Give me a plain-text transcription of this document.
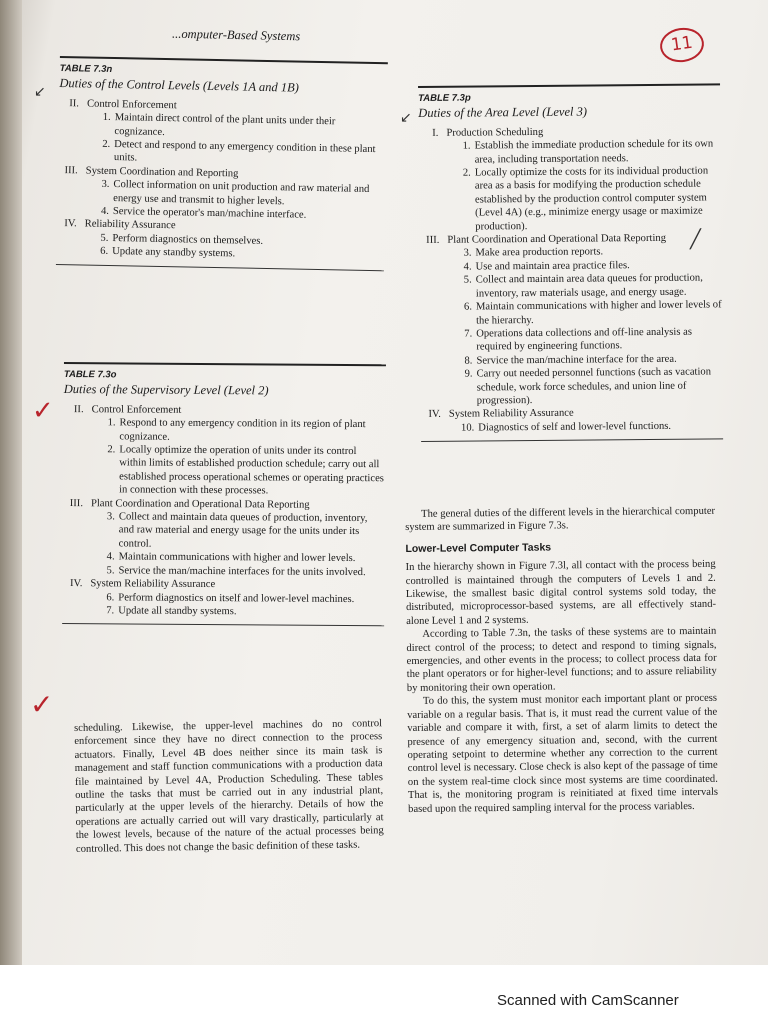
...omputer-Based Systems	11
TABLE 7.3n
Duties of the Control Levels (Levels 1A and 1B)
II. Control Enforcement
1. Maintain direct control of the plant units under their cognizance.
2. Detect and respond to any emergency condition in these plant units.
III. System Coordination and Reporting
3. Collect information on unit production and raw material and energy use and transmit to higher levels.
4. Service the operator's man/machine interface.
IV. Reliability Assurance
5. Perform diagnostics on themselves.
6. Update any standby systems.
TABLE 7.3o
Duties of the Supervisory Level (Level 2)
II. Control Enforcement
1. Respond to any emergency condition in its region of plant cognizance.
2. Locally optimize the operation of units under its control within limits of established production schedule; carry out all established process operational schemes or operating practices in connection with these processes.
III. Plant Coordination and Operational Data Reporting
3. Collect and maintain data queues of production, inventory, and raw material and energy usage for the units under its control.
4. Maintain communications with higher and lower levels.
5. Service the man/machine interfaces for the units involved.
IV. System Reliability Assurance
6. Perform diagnostics on itself and lower-level machines.
7. Update all standby systems.

scheduling. Likewise, the upper-level machines do no control enforcement since they have no direct connection to the process actuators. Finally, Level 4B does neither since its main task is management and staff function communications with a production data file maintained by Level 4A, Production Scheduling. These tables outline the tasks that must be carried out in any industrial plant, particularly at the upper levels of the hierarchy. Details of how the operations are actually carried out will vary drastically, particularly at the lowest levels, because of the nature of the actual processes being controlled. This does not change the basic definition of these tasks.

TABLE 7.3p
Duties of the Area Level (Level 3)
I. Production Scheduling
1. Establish the immediate production schedule for its own area, including transportation needs.
2. Locally optimize the costs for its individual production area as a basis for modifying the production schedule established by the production control computer system (Level 4A) (e.g., minimize energy usage or maximize production).
III. Plant Coordination and Operational Data Reporting
3. Make area production reports.
4. Use and maintain area practice files.
5. Collect and maintain area data queues for production, inventory, raw materials usage, and energy usage.
6. Maintain communications with higher and lower levels of the hierarchy.
7. Operations data collections and off-line analysis as required by engineering functions.
8. Service the man/machine interface for the area.
9. Carry out needed personnel functions (such as vacation schedule, work force schedules, and union line of progression).
IV. System Reliability Assurance
10. Diagnostics of self and lower-level functions.

The general duties of the different levels in the hierarchical computer system are summarized in Figure 7.3s.

Lower-Level Computer Tasks

In the hierarchy shown in Figure 7.3l, all contact with the process being controlled is maintained through the computers of Levels 1 and 2. Likewise, the smallest basic digital control systems sold today, the distributed, microprocessor-based systems, are all effectively stand-alone Level 1 and 2 systems.

According to Table 7.3n, the tasks of these systems are to maintain direct control of the process; to detect and respond to timing signals, emergencies, and other events in the process; to collect process data for the plant operators or for higher-level functions; and to assure reliability by monitoring their own operation.

To do this, the system must monitor each important plant or process variable on a regular basis. That is, it must read the current value of the variable and compare it with, first, a set of alarm limits to detect the presence of any emergency situation and, second, with the current operating setpoint to determine whether any correction to the current control level is necessary. Close check is also kept of the passage of time on the system real-time clock since most systems are time coordinated. That is, the monitoring program is reinitiated at fixed time intervals based upon the required sampling interval for the process variables.

✓
✓
↙
↙
╱
Scanned with CamScanner
